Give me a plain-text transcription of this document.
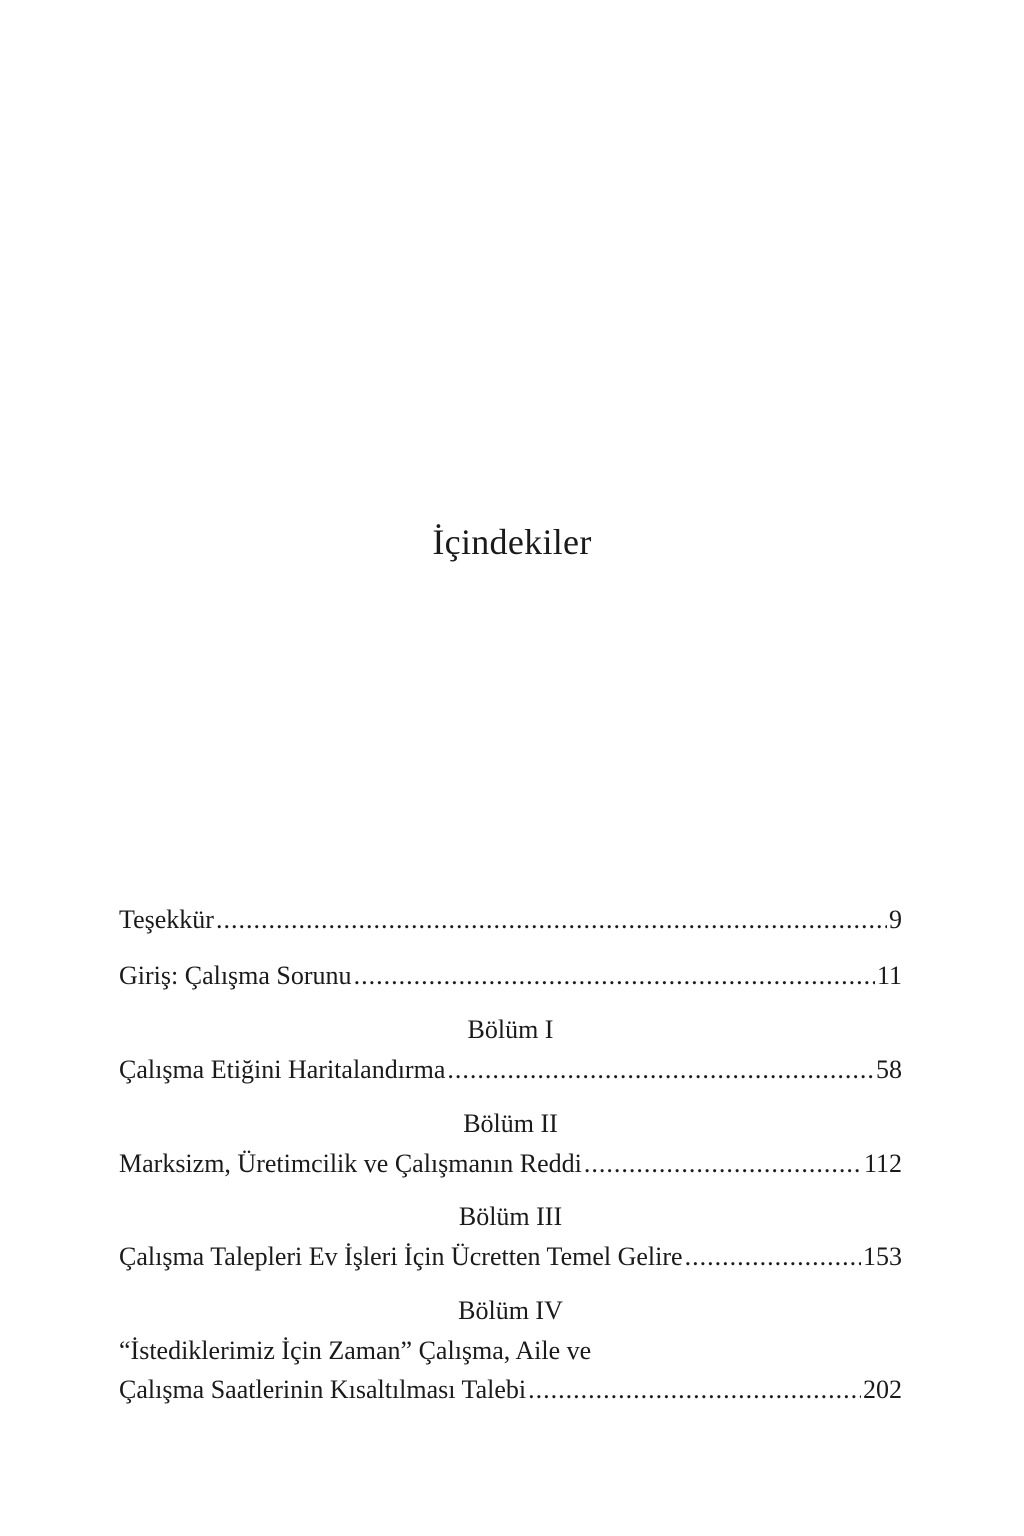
İçindekiler
Teşekkür .....	9
Giriş: Çalışma Sorunu .....	11
Bölüm I
Çalışma Etiğini Haritalandırma .....	58
Bölüm II
Marksizm, Üretimcilik ve Çalışmanın Reddi .....	112
Bölüm III
Çalışma Talepleri Ev İşleri İçin Ücretten Temel Gelire .....	153
Bölüm IV
“İstediklerimiz İçin Zaman” Çalışma, Aile ve
Çalışma Saatlerinin Kısaltılması Talebi .....	202
